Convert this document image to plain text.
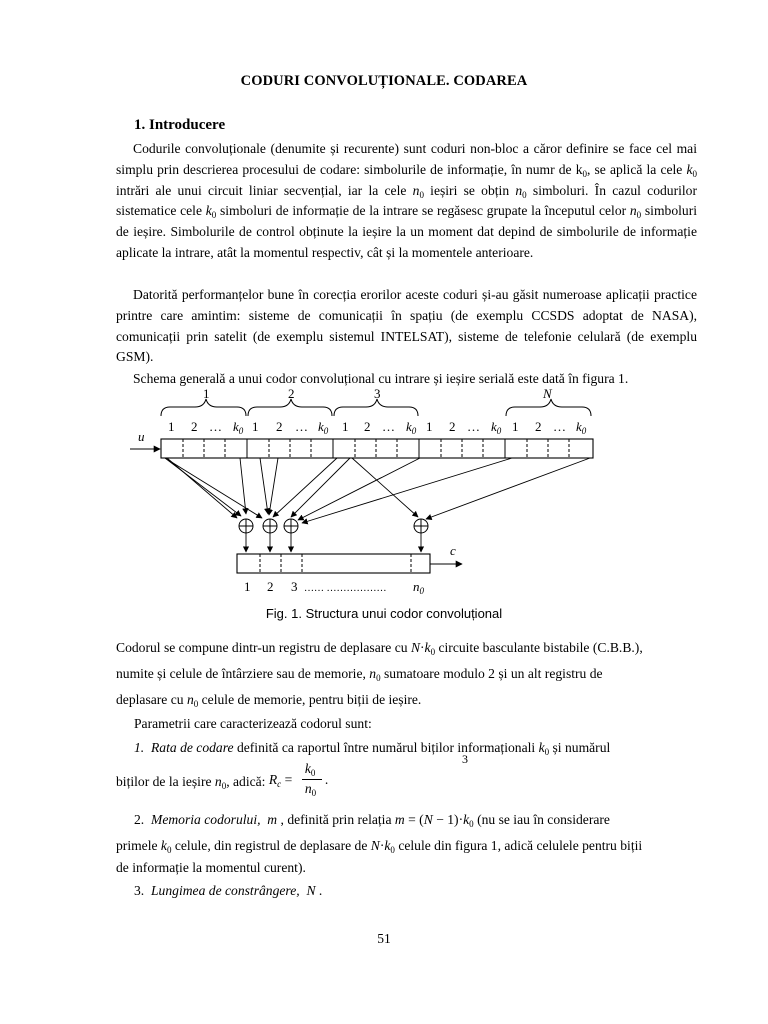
CODURI CONVOLUȚIONALE. CODAREA
1. Introducere

Codurile convoluționale (denumite și recurente) sunt coduri non-bloc a căror definire se face cel mai simplu prin descrierea procesului de codare: simbolurile de informație, în numr de $k_0$, se aplică la cele $k_0$ intrări ale unui circuit liniar secvențial, iar la cele $n_0$ ieșiri se obțin $n_0$ simboluri. În cazul codurilor sistematice cele $k_0$ simboluri de informație de la intrare se regăsesc grupate la începutul celor $n_0$ simboluri de ieșire. Simbolurile de control obținute la ieșire la un moment dat depind de simbolurile de informație aplicate la intrare, atât la momentul respectiv, cât și la momentele anterioare.

Datorită performanțelor bune în corecția erorilor aceste coduri și-au găsit numeroase aplicații practice printre care amintim: sisteme de comunicații în spațiu (de exemplu CCSDS adoptat de NASA), comunicații prin satelit (de exemplu sistemul INTELSAT), sisteme de telefonie celulară (de exemplu GSM).

Schema generală a unui codor convoluțional cu intrare și ieșire serială este dată în figura 1.

1	2	3	N
1 2 … $k_0$ 1 2 … $k_0$ 1 2 … $k_0$ 1 2 … $k_0$ 1 2 … $k_0$
u
c
1 2 3 …… ……………… $n_0$
Fig. 1. Structura unui codor convoluțional
Codorul se compune dintr-un registru de deplasare cu $N\cdot k_0$ circuite basculante bistabile (C.B.B.),
numite și celule de întârziere sau de memorie, $n_0$ sumatoare modulo 2 și un alt registru de
deplasare cu $n_0$ celule de memorie, pentru biții de ieșire.
Parametrii care caracterizează codorul sunt:
1. Rata de codare definită ca raportul între numărul biților informaționali $k_0$ și numărul
3
biților de la ieșire $n_0$, adică: $R_c$ =
$k_0$
$n_0$
.
2. Memoria codorului, m , definită prin relația $m = (N - 1)\cdot k_0$ (nu se iau în considerare
primele $k_0$ celule, din registrul de deplasare de $N\cdot k_0$ celule din figura 1, adică celulele pentru biții
de informație la momentul curent).
3. Lungimea de constrângere, N .
51
